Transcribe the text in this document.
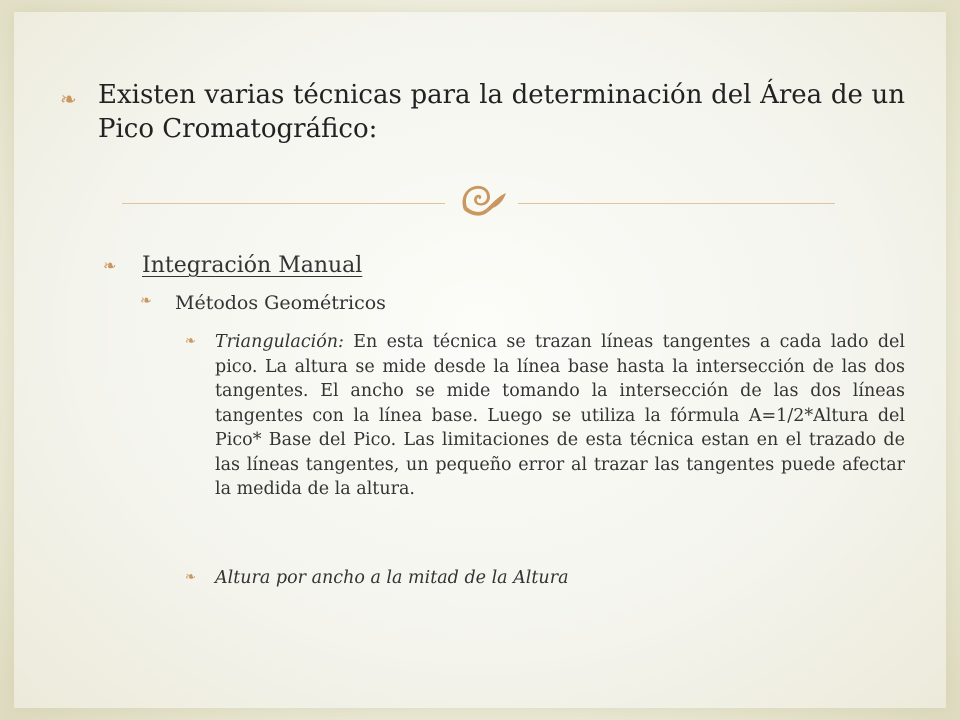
❧ Existen varias técnicas para la determinación del Área de un Pico Cromatográfico:
❧ Integración Manual
❧ Métodos Geométricos
❧ Triangulación: En esta técnica se trazan líneas tangentes a cada lado del pico. La altura se mide desde la línea base hasta la intersección de las dos tangentes. El ancho se mide tomando la intersección de las dos líneas tangentes con la línea base. Luego se utiliza la fórmula A=1/2*Altura del Pico* Base del Pico. Las limitaciones de esta técnica estan en el trazado de las líneas tangentes, un pequeño error al trazar las tangentes puede afectar la medida de la altura.
❧ Altura por ancho a la mitad de la Altura
